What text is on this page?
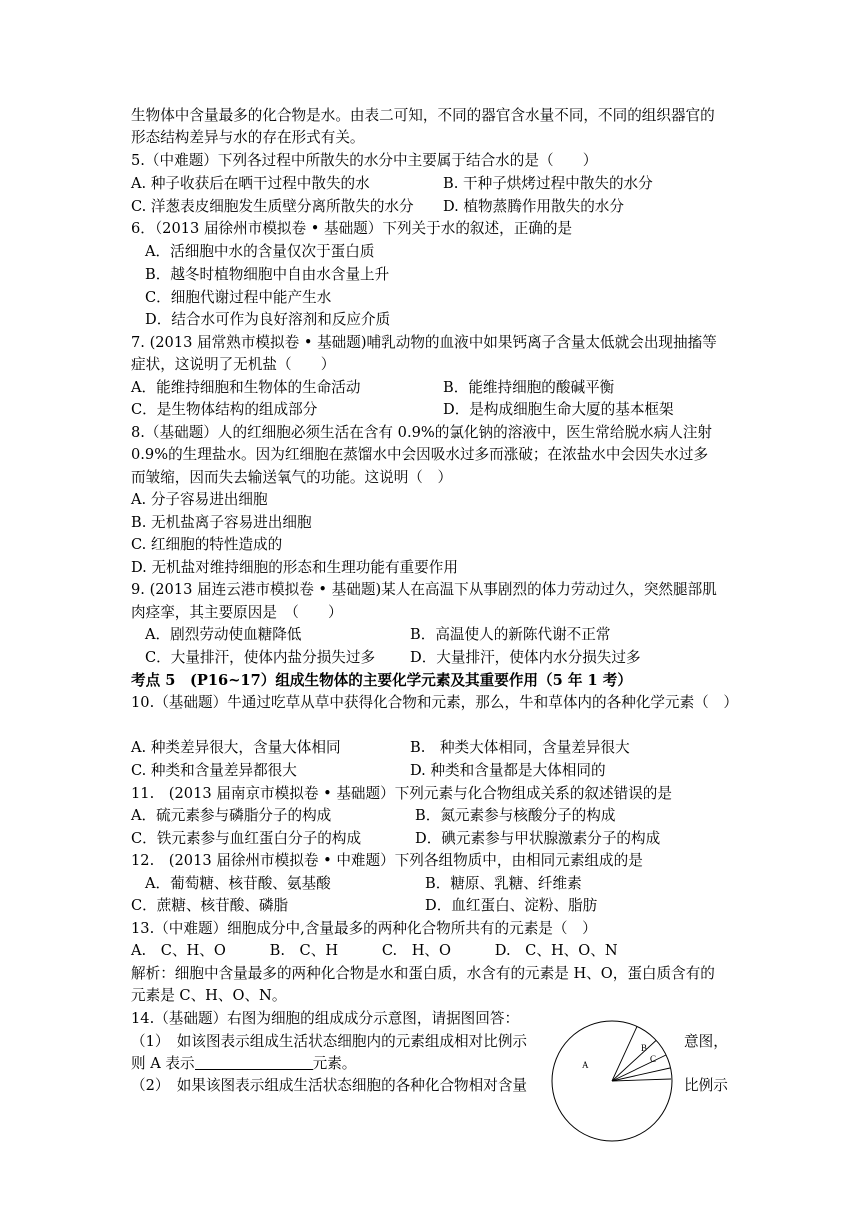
生物体中含量最多的化合物是水。由表二可知，不同的器官含水量不同，不同的组织器官的
形态结构差异与水的存在形式有关。
5.（中难题）下列各过程中所散失的水分中主要属于结合水的是（　　）
A. 种子收获后在晒干过程中散失的水	B. 干种子烘烤过程中散失的水分
C. 洋葱表皮细胞发生质壁分离所散失的水分 D. 植物蒸腾作用散失的水分
6．（2013 届徐州市模拟卷 • 基础题）下列关于水的叙述，正确的是
A．活细胞中水的含量仅次于蛋白质
B．越冬时植物细胞中自由水含量上升
C．细胞代谢过程中能产生水
D．结合水可作为良好溶剂和反应介质
7. (2013 届常熟市模拟卷 • 基础题)哺乳动物的血液中如果钙离子含量太低就会出现抽搐等
症状，这说明了无机盐（　　）
A．能维持细胞和生物体的生命活动	B．能维持细胞的酸碱平衡
C．是生物体结构的组成部分	D．是构成细胞生命大厦的基本框架
8.（基础题）人的红细胞必须生活在含有 0.9%的氯化钠的溶液中，医生常给脱水病人注射
0.9%的生理盐水。因为红细胞在蒸馏水中会因吸水过多而涨破；在浓盐水中会因失水过多
而皱缩，因而失去输送氧气的功能。这说明（　）
A. 分子容易进出细胞
B. 无机盐离子容易进出细胞
C. 红细胞的特性造成的
D. 无机盐对维持细胞的形态和生理功能有重要作用
9. (2013 届连云港市模拟卷 • 基础题)某人在高温下从事剧烈的体力劳动过久，突然腿部肌
肉痉挛，其主要原因是　（　　）
A．剧烈劳动使血糖降低	B．高温使人的新陈代谢不正常
C．大量排汗，使体内盐分损失过多 D．大量排汗，使体内水分损失过多
考点 5　(P16~17）组成生物体的主要化学元素及其重要作用（5 年 1 考）
10.（基础题）牛通过吃草从草中获得化合物和元素，那么，牛和草体内的各种化学元素（　）
A. 种类差异很大，含量大体相同	B.　种类大体相同，含量差异很大
C. 种类和含量差异都很大	D. 种类和含量都是大体相同的
11.　(2013 届南京市模拟卷 • 基础题）下列元素与化合物组成关系的叙述错误的是
A．硫元素参与磷脂分子的构成	B．氮元素参与核酸分子的构成
C．铁元素参与血红蛋白分子的构成	D．碘元素参与甲状腺激素分子的构成
12.　(2013 届徐州市模拟卷 • 中难题）下列各组物质中，由相同元素组成的是
A．葡萄糖、核苷酸、氨基酸	B．糖原、乳糖、纤维素
C．蔗糖、核苷酸、磷脂	D．血红蛋白、淀粉、脂肪
13.（中难题）细胞成分中,含量最多的两种化合物所共有的元素是（　）
A.　C、H、O　　　B.　C、H　　　C.　H、O　　　D.　C、H、O、N
解析：细胞中含量最多的两种化合物是水和蛋白质，水含有的元素是 H、O，蛋白质含有的
元素是 C、H、O、N。
14.（基础题）右图为细胞的组成成分示意图，请据图回答：
（1）　如该图表示组成生活状态细胞内的元素组成相对比例示	意图，
则 A 表示	元素。
（2）　如果该图表示组成生活状态细胞的各种化合物相对含量	比例示
A
B
C
